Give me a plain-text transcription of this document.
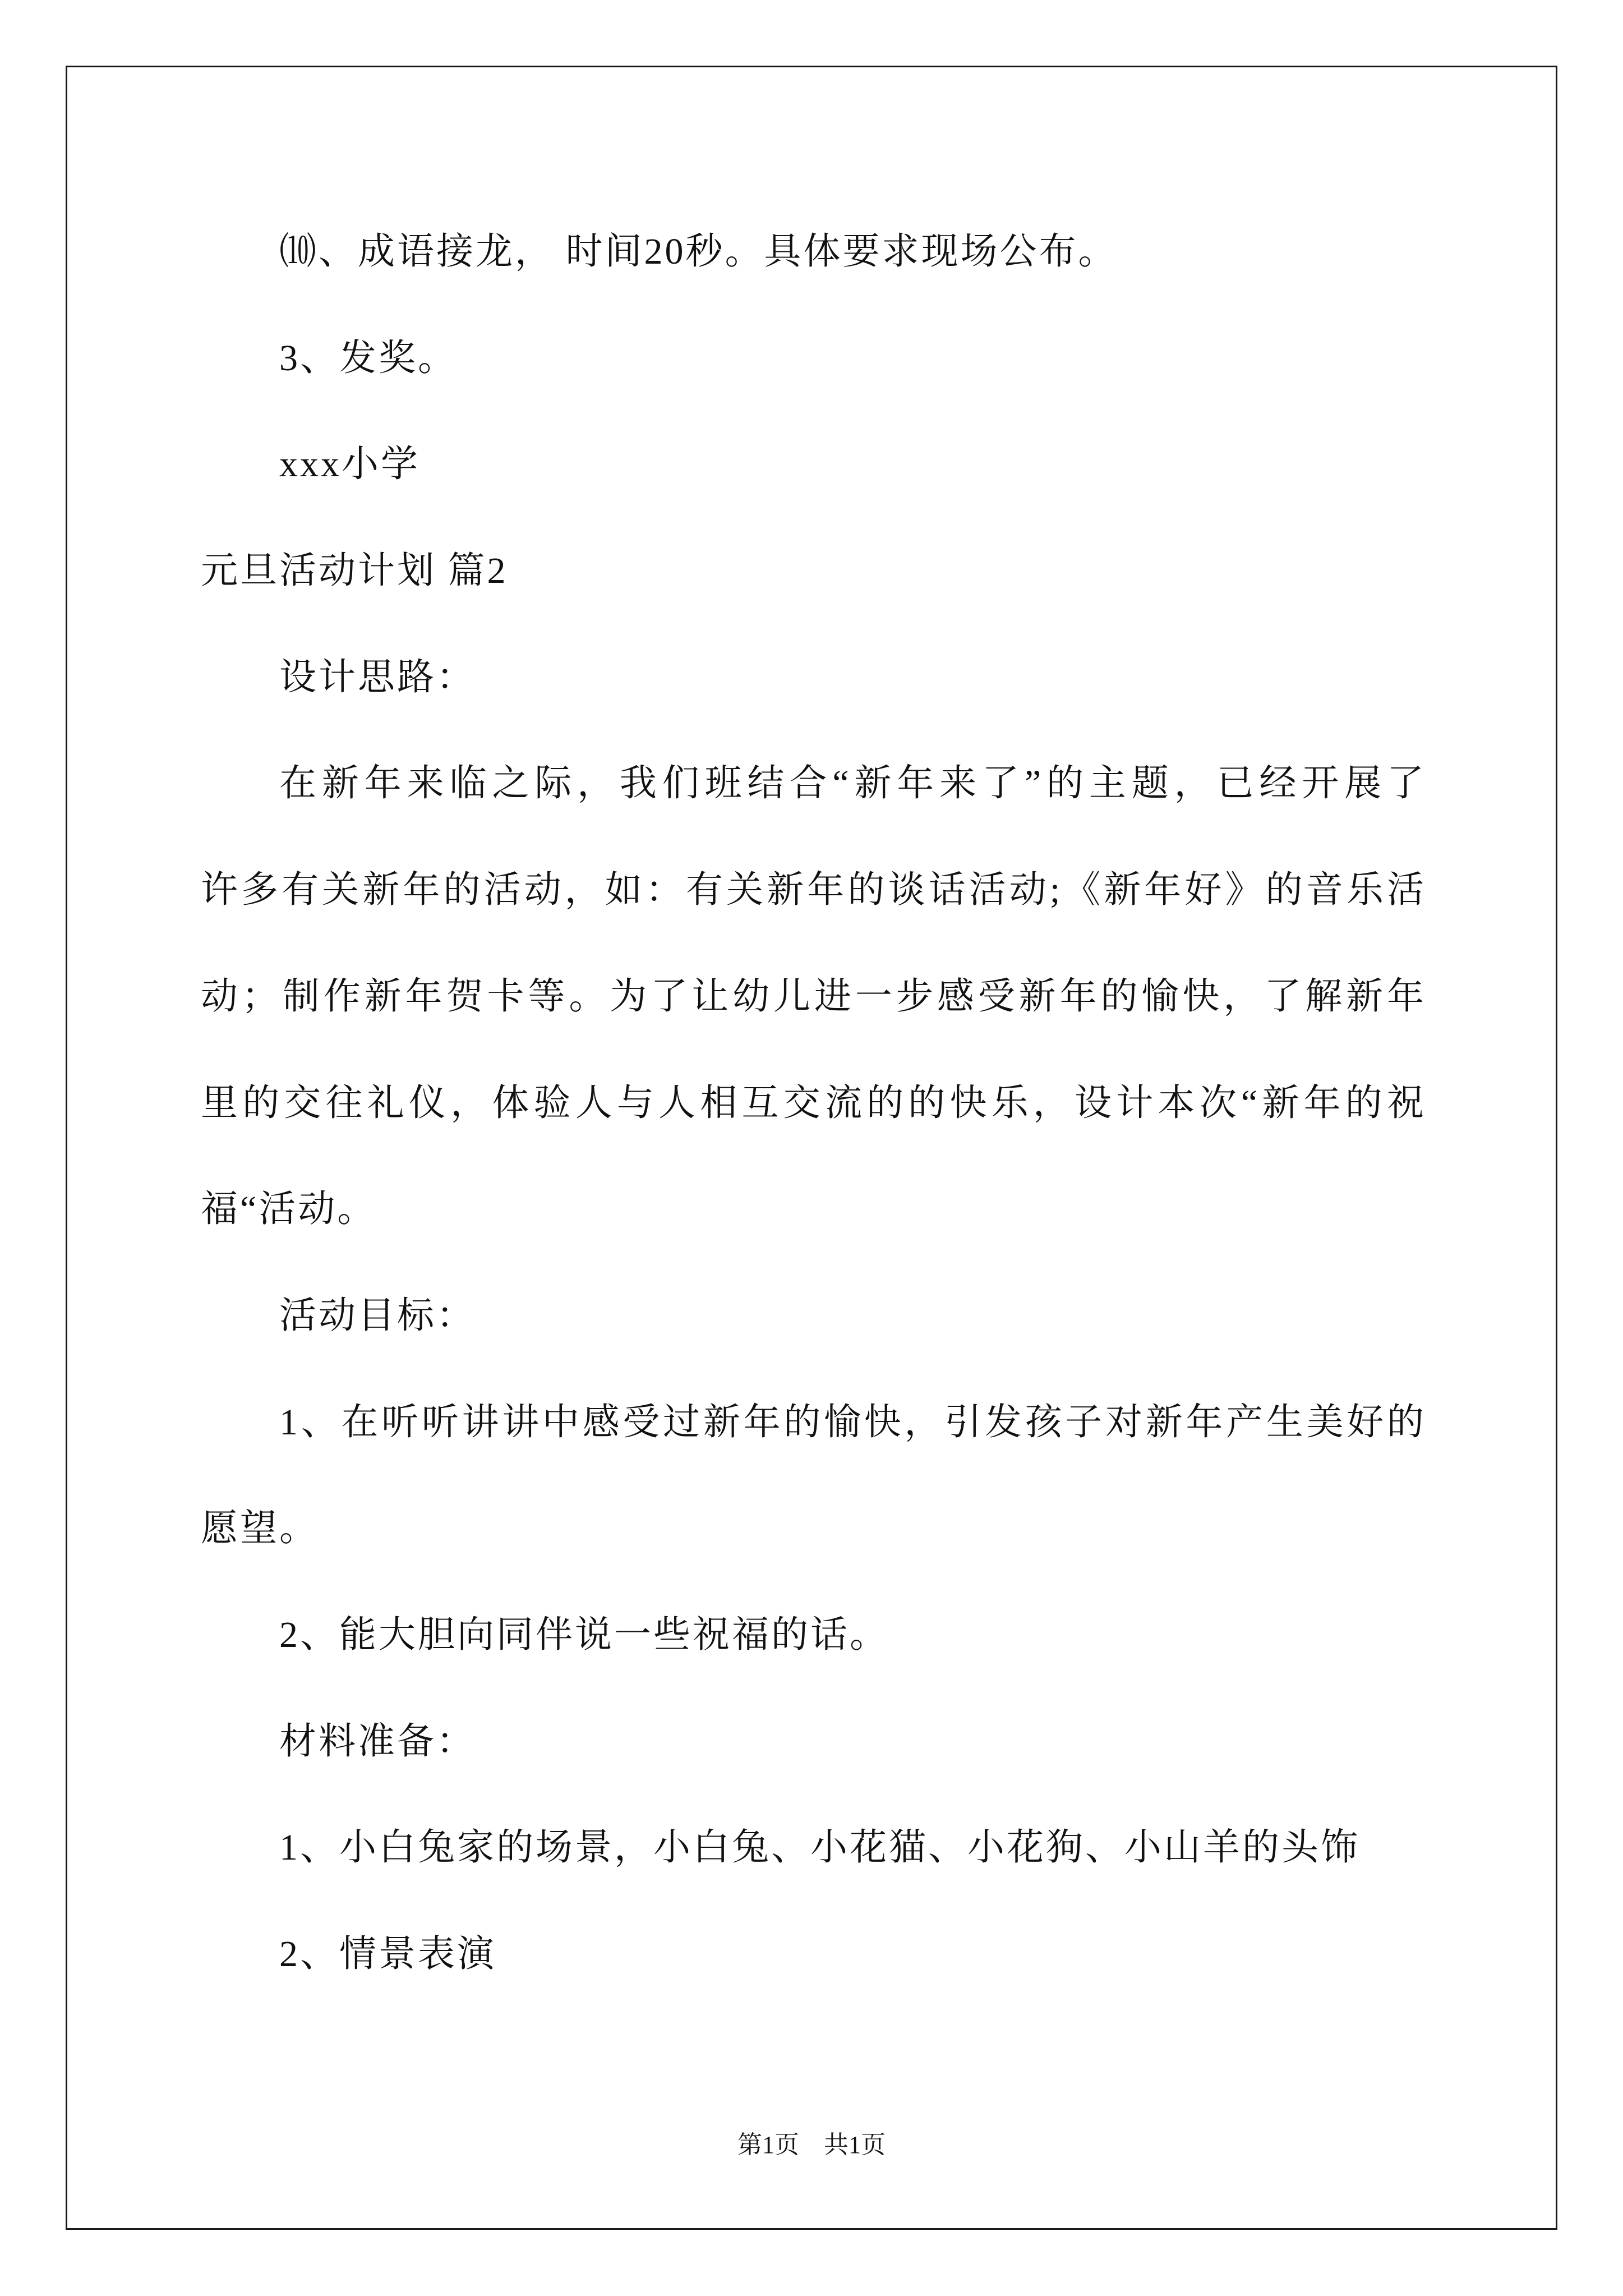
⑽、成语接龙， 时间20秒。具体要求现场公布。
3、发奖。
xxx小学
元旦活动计划 篇2
设计思路：
在新年来临之际，我们班结合“新年来了”的主题，已经开展了
许多有关新年的活动，如：有关新年的谈话活动;《新年好》的音乐活
动；制作新年贺卡等。为了让幼儿进一步感受新年的愉快，了解新年
里的交往礼仪，体验人与人相互交流的的快乐，设计本次“新年的祝
福“活动。
活动目标：
1、在听听讲讲中感受过新年的愉快，引发孩子对新年产生美好的
愿望。
2、能大胆向同伴说一些祝福的话。
材料准备：
1、小白兔家的场景，小白兔、小花猫、小花狗、小山羊的头饰
2、情景表演
第1页　共1页
